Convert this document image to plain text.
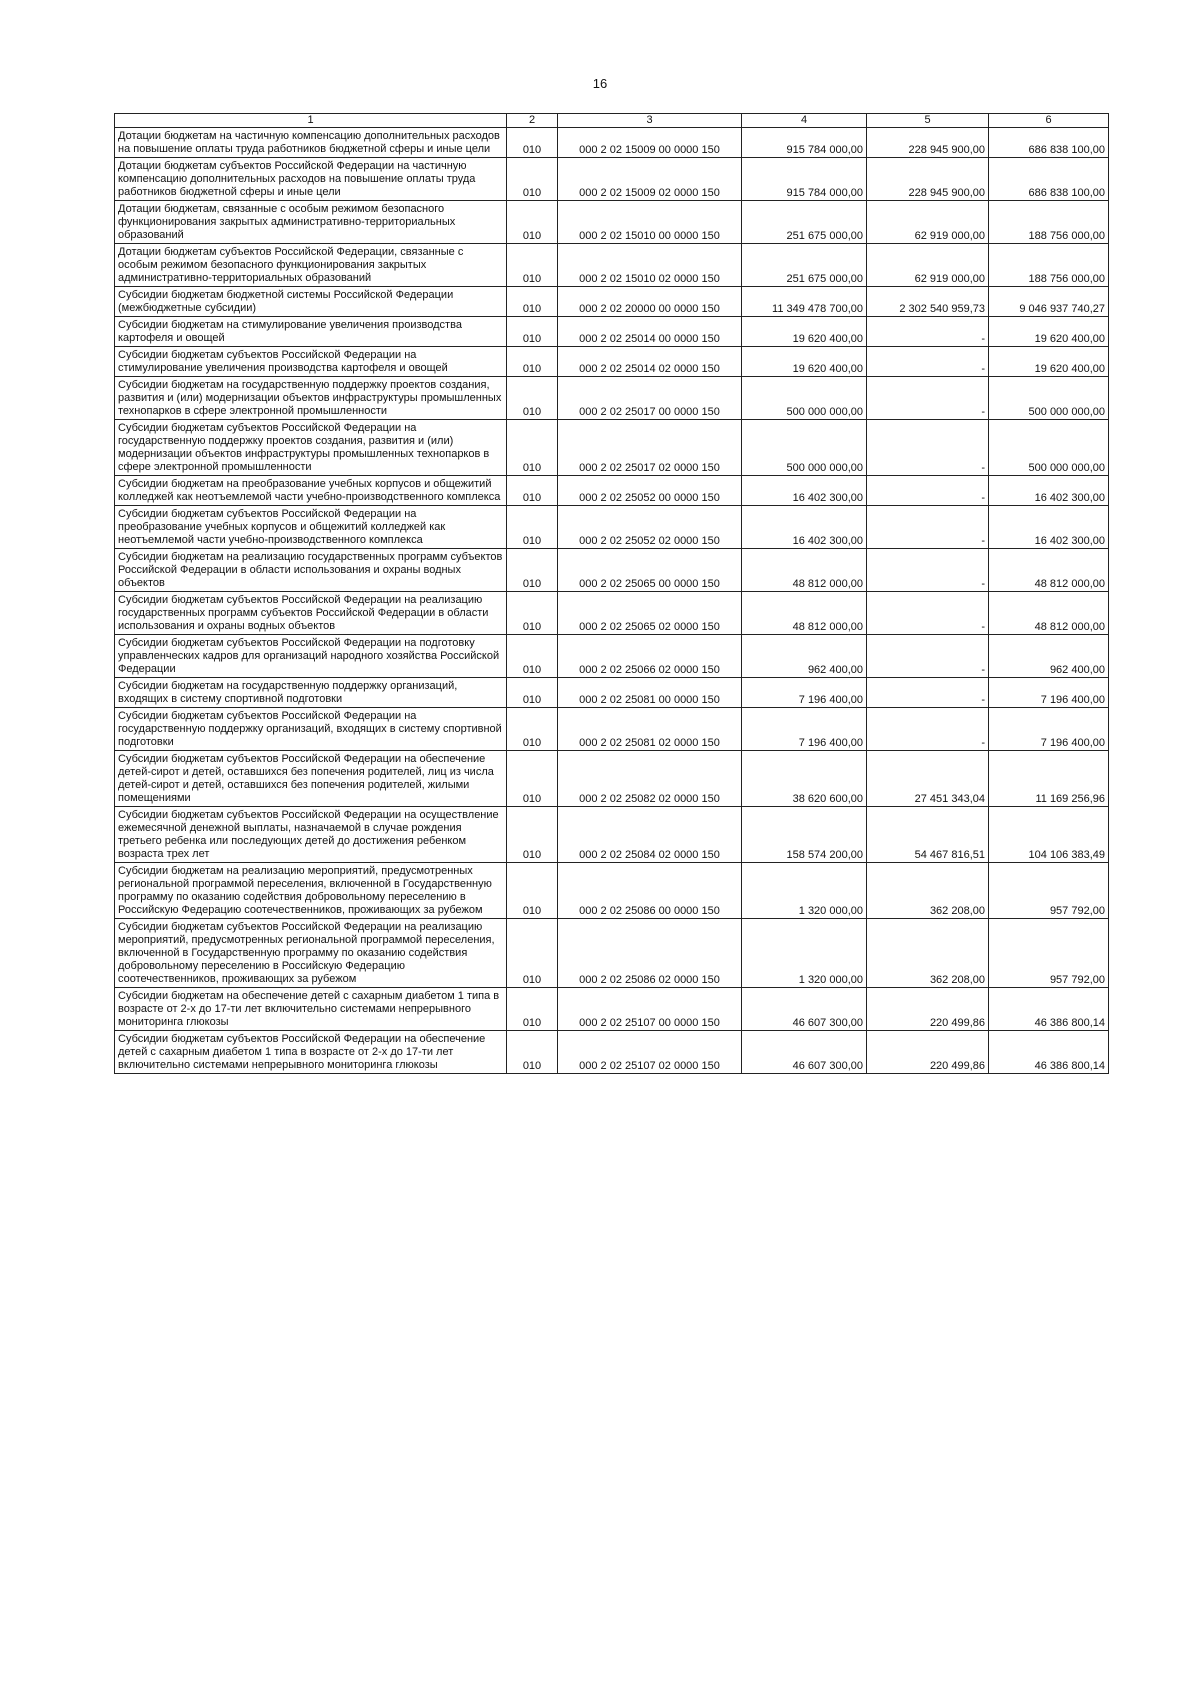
16
1	2	3	4	5	6
Дотации бюджетам на частичную компенсацию дополнительных расходов на повышение оплаты труда работников бюджетной сферы и иные цели	010	000 2 02 15009 00 0000 150	915 784 000,00	228 945 900,00	686 838 100,00
Дотации бюджетам субъектов Российской Федерации на частичную компенсацию дополнительных расходов на повышение оплаты труда работников бюджетной сферы и иные цели	010	000 2 02 15009 02 0000 150	915 784 000,00	228 945 900,00	686 838 100,00
Дотации бюджетам, связанные с особым режимом безопасного функционирования закрытых административно-территориальных образований	010	000 2 02 15010 00 0000 150	251 675 000,00	62 919 000,00	188 756 000,00
Дотации бюджетам субъектов Российской Федерации, связанные с особым режимом безопасного функционирования закрытых административно-территориальных образований	010	000 2 02 15010 02 0000 150	251 675 000,00	62 919 000,00	188 756 000,00
Субсидии бюджетам бюджетной системы Российской Федерации (межбюджетные субсидии)	010	000 2 02 20000 00 0000 150	11 349 478 700,00	2 302 540 959,73	9 046 937 740,27
Субсидии бюджетам на стимулирование увеличения производства картофеля и овощей	010	000 2 02 25014 00 0000 150	19 620 400,00	-	19 620 400,00
Субсидии бюджетам субъектов Российской Федерации на стимулирование увеличения производства картофеля и овощей	010	000 2 02 25014 02 0000 150	19 620 400,00	-	19 620 400,00
Субсидии бюджетам на государственную поддержку проектов создания, развития и (или) модернизации объектов инфраструктуры промышленных технопарков в сфере электронной промышленности	010	000 2 02 25017 00 0000 150	500 000 000,00	-	500 000 000,00
Субсидии бюджетам субъектов Российской Федерации на государственную поддержку проектов создания, развития и (или) модернизации объектов инфраструктуры промышленных технопарков в сфере электронной промышленности	010	000 2 02 25017 02 0000 150	500 000 000,00	-	500 000 000,00
Субсидии бюджетам на преобразование учебных корпусов и общежитий колледжей как неотъемлемой части учебно-производственного комплекса	010	000 2 02 25052 00 0000 150	16 402 300,00	-	16 402 300,00
Субсидии бюджетам субъектов Российской Федерации на преобразование учебных корпусов и общежитий колледжей как неотъемлемой части учебно-производственного комплекса	010	000 2 02 25052 02 0000 150	16 402 300,00	-	16 402 300,00
Субсидии бюджетам на реализацию государственных программ субъектов Российской Федерации в области использования и охраны водных объектов	010	000 2 02 25065 00 0000 150	48 812 000,00	-	48 812 000,00
Субсидии бюджетам субъектов Российской Федерации на реализацию государственных программ субъектов Российской Федерации в области использования и охраны водных объектов	010	000 2 02 25065 02 0000 150	48 812 000,00	-	48 812 000,00
Субсидии бюджетам субъектов Российской Федерации на подготовку управленческих кадров для организаций народного хозяйства Российской Федерации	010	000 2 02 25066 02 0000 150	962 400,00	-	962 400,00
Субсидии бюджетам на государственную поддержку организаций, входящих в систему спортивной подготовки	010	000 2 02 25081 00 0000 150	7 196 400,00	-	7 196 400,00
Субсидии бюджетам субъектов Российской Федерации на государственную поддержку организаций, входящих в систему спортивной подготовки	010	000 2 02 25081 02 0000 150	7 196 400,00	-	7 196 400,00
Субсидии бюджетам субъектов Российской Федерации на обеспечение детей-сирот и детей, оставшихся без попечения родителей, лиц из числа детей-сирот и детей, оставшихся без попечения родителей, жилыми помещениями	010	000 2 02 25082 02 0000 150	38 620 600,00	27 451 343,04	11 169 256,96
Субсидии бюджетам субъектов Российской Федерации на осуществление ежемесячной денежной выплаты, назначаемой в случае рождения третьего ребенка или последующих детей до достижения ребенком возраста трех лет	010	000 2 02 25084 02 0000 150	158 574 200,00	54 467 816,51	104 106 383,49
Субсидии бюджетам на реализацию мероприятий, предусмотренных региональной программой переселения, включенной в Государственную программу по оказанию содействия добровольному переселению в Российскую Федерацию соотечественников, проживающих за рубежом	010	000 2 02 25086 00 0000 150	1 320 000,00	362 208,00	957 792,00
Субсидии бюджетам субъектов Российской Федерации на реализацию мероприятий, предусмотренных региональной программой переселения, включенной в Государственную программу по оказанию содействия добровольному переселению в Российскую Федерацию соотечественников, проживающих за рубежом	010	000 2 02 25086 02 0000 150	1 320 000,00	362 208,00	957 792,00
Субсидии бюджетам на обеспечение детей с сахарным диабетом 1 типа в возрасте от 2-х до 17-ти лет включительно системами непрерывного мониторинга глюкозы	010	000 2 02 25107 00 0000 150	46 607 300,00	220 499,86	46 386 800,14
Субсидии бюджетам субъектов Российской Федерации на обеспечение детей с сахарным диабетом 1 типа в возрасте от 2-х до 17-ти лет включительно системами непрерывного мониторинга глюкозы	010	000 2 02 25107 02 0000 150	46 607 300,00	220 499,86	46 386 800,14
